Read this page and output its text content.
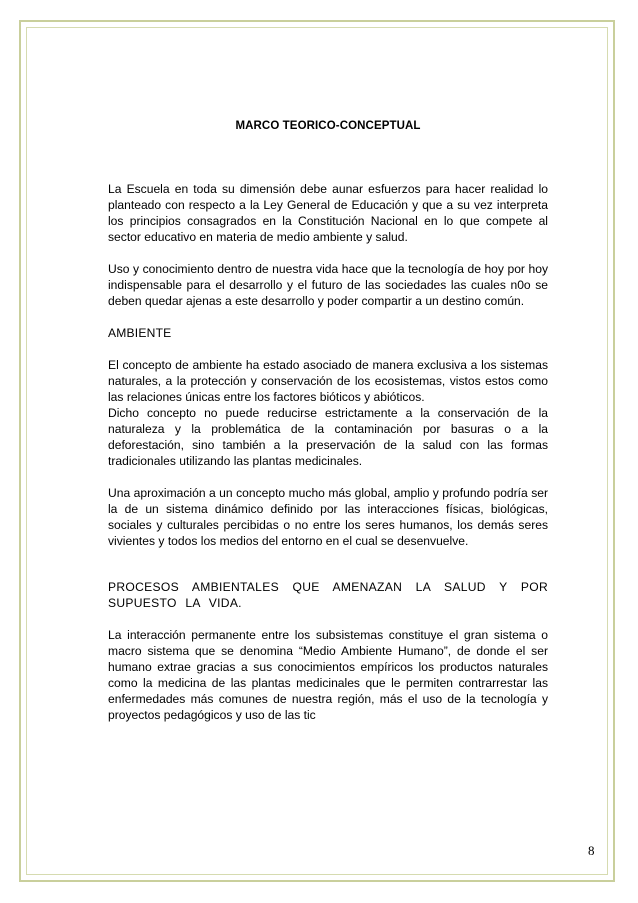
MARCO TEORICO-CONCEPTUAL

La Escuela en toda su dimensión debe aunar esfuerzos para hacer realidad lo planteado con respecto a la Ley General de Educación y que a su vez interpreta los principios consagrados en la Constitución Nacional en lo que compete al sector educativo en materia de medio ambiente y salud.

Uso y conocimiento dentro de nuestra vida hace que la tecnología de hoy por hoy indispensable para el desarrollo y el futuro de las sociedades las cuales n0o se deben quedar ajenas a este desarrollo y poder compartir a un destino común.

AMBIENTE

El concepto de ambiente ha estado asociado de manera exclusiva a los sistemas naturales, a la protección y conservación de los ecosistemas, vistos estos como las relaciones únicas entre los factores bióticos y abióticos.

Dicho concepto no puede reducirse estrictamente a la conservación de la naturaleza y la problemática de la contaminación por basuras o a la deforestación, sino también a la preservación de la salud con las formas tradicionales utilizando las plantas medicinales.

Una aproximación a un concepto mucho más global, amplio y profundo podría ser la de un sistema dinámico definido por las interacciones físicas, biológicas, sociales y culturales percibidas o no entre los seres humanos, los demás seres vivientes y todos los medios del entorno en el cual se desenvuelve.

PROCESOS AMBIENTALES QUE AMENAZAN LA SALUD Y POR SUPUESTO LA VIDA.

La interacción permanente entre los subsistemas constituye el gran sistema o macro sistema que se denomina “Medio Ambiente Humano”, de donde el ser humano extrae gracias a sus conocimientos empíricos los productos naturales como la medicina de las plantas medicinales que le permiten contrarrestar las enfermedades más comunes de nuestra región, más el uso de la tecnología y proyectos pedagógicos y uso de las tic

8
